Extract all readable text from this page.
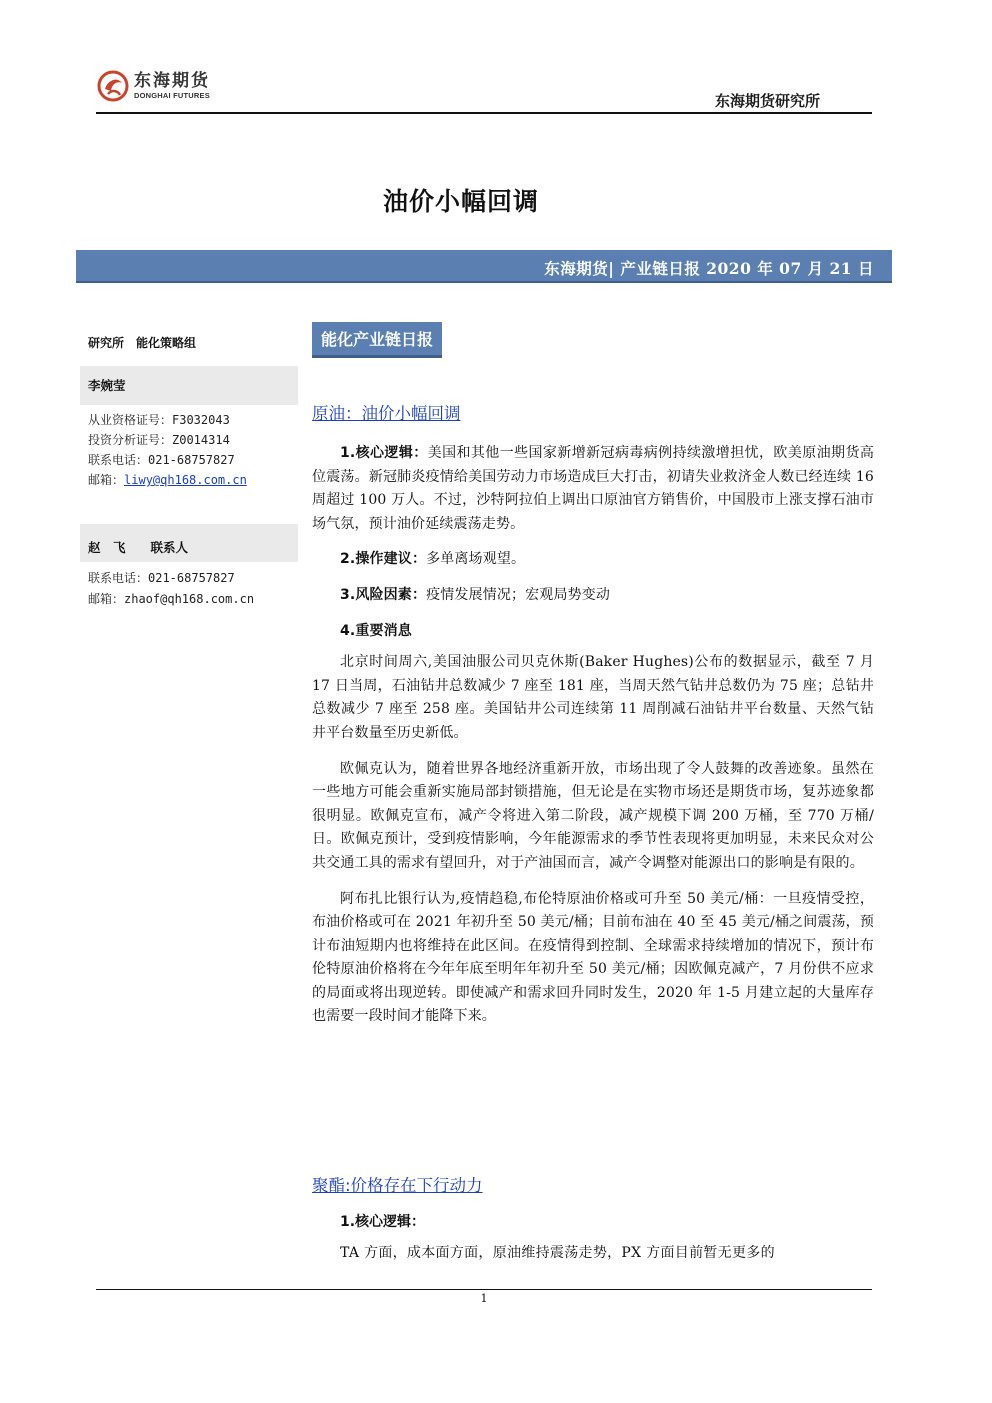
东海期货
DONGHAI FUTURES	东海期货研究所
油价小幅回调
东海期货| 产业链日报 2020 年 07 月 21 日
研究所　能化策略组
李婉莹
从业资格证号：F3032043
投资分析证号：Z0014314
联系电话：021-68757827
邮箱：liwy@qh168.com.cn
赵　飞　　联系人
联系电话：021-68757827
邮箱：zhaof@qh168.com.cn
能化产业链日报
原油：油价小幅回调

1.核心逻辑：美国和其他一些国家新增新冠病毒病例持续激增担忧，欧美原油期货高位震荡。新冠肺炎疫情给美国劳动力市场造成巨大打击，初请失业救济金人数已经连续 16 周超过 100 万人。不过，沙特阿拉伯上调出口原油官方销售价，中国股市上涨支撑石油市场气氛，预计油价延续震荡走势。

2.操作建议：多单离场观望。

3.风险因素：疫情发展情况；宏观局势变动

4.重要消息

北京时间周六,美国油服公司贝克休斯(Baker Hughes)公布的数据显示，截至 7 月 17 日当周，石油钻井总数减少 7 座至 181 座，当周天然气钻井总数仍为 75 座；总钻井总数减少 7 座至 258 座。美国钻井公司连续第 11 周削减石油钻井平台数量、天然气钻井平台数量至历史新低。

欧佩克认为，随着世界各地经济重新开放，市场出现了令人鼓舞的改善迹象。虽然在一些地方可能会重新实施局部封锁措施，但无论是在实物市场还是期货市场，复苏迹象都很明显。欧佩克宣布，减产令将进入第二阶段，减产规模下调 200 万桶，至 770 万桶/日。欧佩克预计，受到疫情影响，今年能源需求的季节性表现将更加明显，未来民众对公共交通工具的需求有望回升，对于产油国而言，减产令调整对能源出口的影响是有限的。

阿布扎比银行认为,疫情趋稳,布伦特原油价格或可升至 50 美元/桶：一旦疫情受控，布油价格或可在 2021 年初升至 50 美元/桶；目前布油在 40 至 45 美元/桶之间震荡，预计布油短期内也将维持在此区间。在疫情得到控制、全球需求持续增加的情况下，预计布伦特原油价格将在今年年底至明年年初升至 50 美元/桶；因欧佩克减产，7 月份供不应求的局面或将出现逆转。即使减产和需求回升同时发生，2020 年 1-5 月建立起的大量库存也需要一段时间才能降下来。

聚酯:价格存在下行动力
1.核心逻辑：
TA 方面，成本面方面，原油维持震荡走势，PX 方面目前暂无更多的
1
